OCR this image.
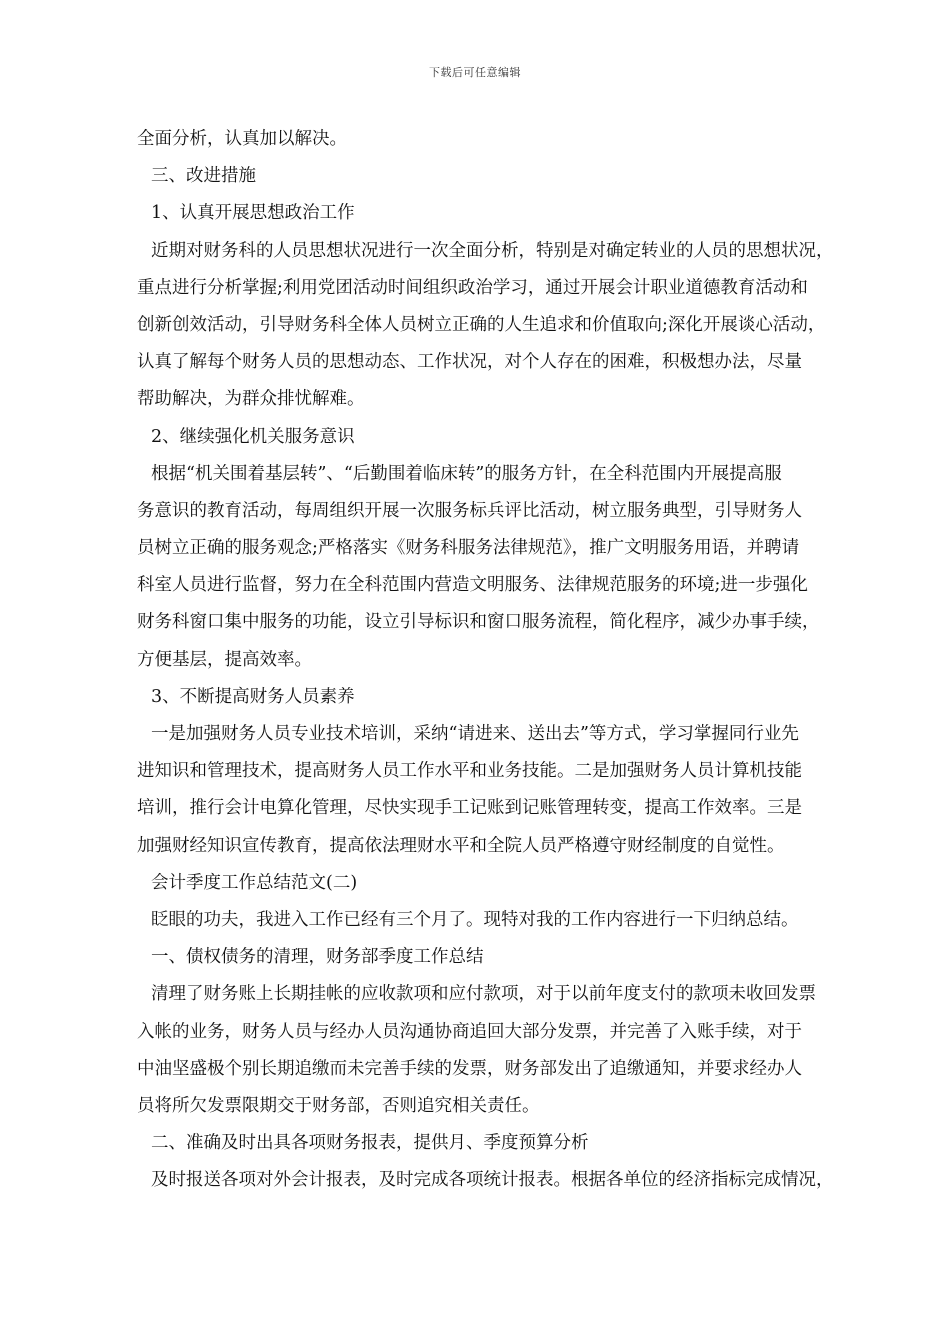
下载后可任意编辑
全面分析，认真加以解决。
三、改进措施
1、认真开展思想政治工作
近期对财务科的人员思想状况进行一次全面分析，特别是对确定转业的人员的思想状况，
重点进行分析掌握;利用党团活动时间组织政治学习，通过开展会计职业道德教育活动和
创新创效活动，引导财务科全体人员树立正确的人生追求和价值取向;深化开展谈心活动，
认真了解每个财务人员的思想动态、工作状况，对个人存在的困难，积极想办法，尽量
帮助解决，为群众排忧解难。
2、继续强化机关服务意识
根据“机关围着基层转”、“后勤围着临床转”的服务方针，在全科范围内开展提高服
务意识的教育活动，每周组织开展一次服务标兵评比活动，树立服务典型，引导财务人
员树立正确的服务观念;严格落实《财务科服务法律规范》，推广文明服务用语，并聘请
科室人员进行监督，努力在全科范围内营造文明服务、法律规范服务的环境;进一步强化
财务科窗口集中服务的功能，设立引导标识和窗口服务流程，简化程序，减少办事手续，
方便基层，提高效率。
3、不断提高财务人员素养
一是加强财务人员专业技术培训，采纳“请进来、送出去”等方式，学习掌握同行业先
进知识和管理技术，提高财务人员工作水平和业务技能。二是加强财务人员计算机技能
培训，推行会计电算化管理，尽快实现手工记账到记账管理转变，提高工作效率。三是
加强财经知识宣传教育，提高依法理财水平和全院人员严格遵守财经制度的自觉性。
会计季度工作总结范文(二)
眨眼的功夫，我进入工作已经有三个月了。现特对我的工作内容进行一下归纳总结。
一、债权债务的清理，财务部季度工作总结
清理了财务账上长期挂帐的应收款项和应付款项，对于以前年度支付的款项未收回发票
入帐的业务，财务人员与经办人员沟通协商追回大部分发票，并完善了入账手续，对于
中油坚盛极个别长期追缴而未完善手续的发票，财务部发出了追缴通知，并要求经办人
员将所欠发票限期交于财务部，否则追究相关责任。
二、准确及时出具各项财务报表，提供月、季度预算分析
及时报送各项对外会计报表，及时完成各项统计报表。根据各单位的经济指标完成情况，
